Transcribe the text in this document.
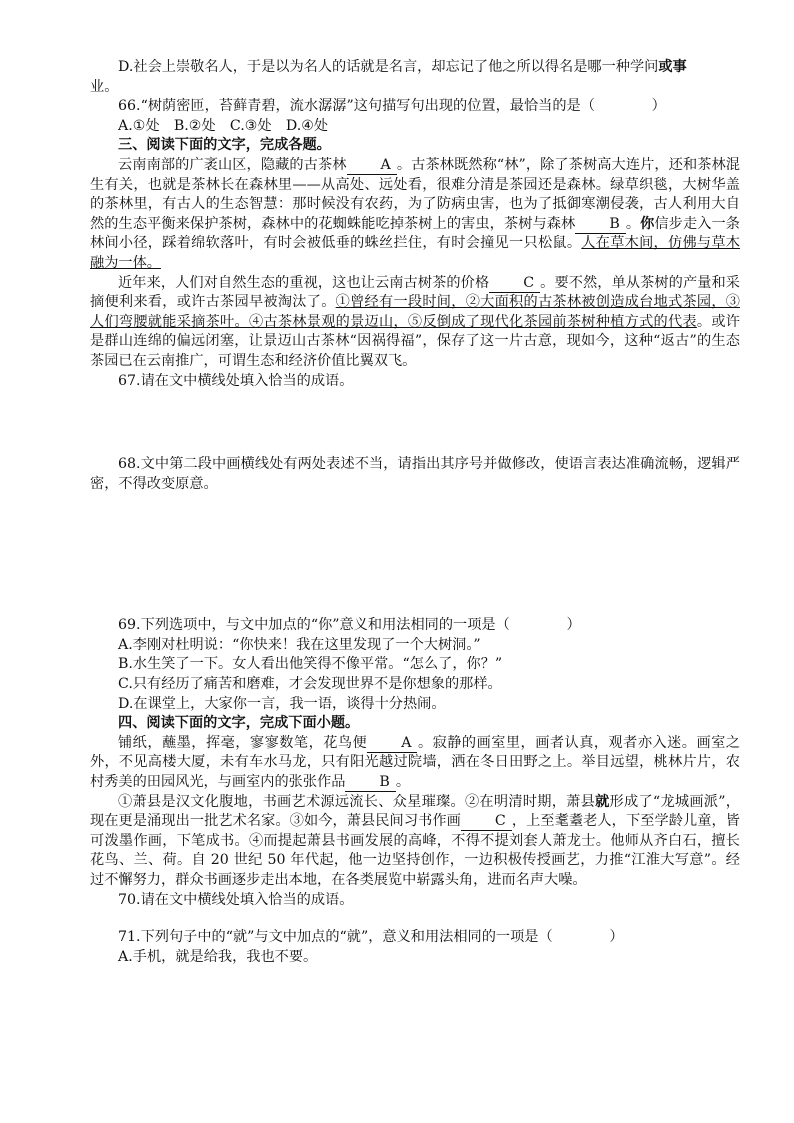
D.社会上崇敬名人，于是以为名人的话就是名言，却忘记了他之所以得名是哪一种学问或事

业。

66.“树荫密匝，苔藓青碧，流水潺潺”这句描写句出现的位置，最恰当的是（　　　　）

A.①处　B.②处　C.③处　D.④处

三、阅读下面的文字，完成各题。

云南南部的广袤山区，隐藏的古茶林 A 。古茶林既然称“林”，除了茶树高大连片，还和茶林混生有关，也就是茶林长在森林里——从高处、远处看，很难分清是茶园还是森林。绿草织毯，大树华盖的茶林里，有古人的生态智慧：那时候没有农药，为了防病虫害，也为了抵御寒潮侵袭，古人利用大自然的生态平衡来保护茶树，森林中的花蜘蛛能吃掉茶树上的害虫，茶树与森林 B 。你信步走入一条林间小径，踩着绵软落叶，有时会被低垂的蛛丝拦住，有时会撞见一只松鼠。人在草木间，仿佛与草木融为一体。

近年来，人们对自然生态的重视，这也让云南古树茶的价格 C 。要不然，单从茶树的产量和采摘便利来看，或许古茶园早被淘汰了。①曾经有一段时间，②大面积的古茶林被创造成台地式茶园，③人们弯腰就能采摘茶叶。④古茶林景观的景迈山，⑤反倒成了现代化茶园前茶树种植方式的代表。或许是群山连绵的偏远闭塞，让景迈山古茶林“因祸得福”，保存了这一片古意，现如今，这种“返古”的生态茶园已在云南推广，可谓生态和经济价值比翼双飞。

67.请在文中横线处填入恰当的成语。

68.文中第二段中画横线处有两处表述不当，请指出其序号并做修改，使语言表达准确流畅，逻辑严密，不得改变原意。

69.下列选项中，与文中加点的“你”意义和用法相同的一项是（　　　　）

A.李刚对杜明说：“你快来！我在这里发现了一个大树洞。”

B.水生笑了一下。女人看出他笑得不像平常。“怎么了，你？”

C.只有经历了痛苦和磨难，才会发现世界不是你想象的那样。

D.在课堂上，大家你一言，我一语，谈得十分热闹。

四、阅读下面的文字，完成下面小题。

铺纸，蘸墨，挥毫，寥寥数笔，花鸟便 A 。寂静的画室里，画者认真，观者亦入迷。画室之外，不见高楼大厦，未有车水马龙，只有阳光越过院墙，洒在冬日田野之上。举目远望，桃林片片，农村秀美的田园风光，与画室内的张张作品 B 。

①萧县是汉文化腹地，书画艺术源远流长、众星璀璨。②在明清时期，萧县就形成了“龙城画派”，现在更是涌现出一批艺术名家。③如今，萧县民间习书作画 C ，上至耄耋老人，下至学龄儿童，皆可泼墨作画，下笔成书。④而提起萧县书画发展的高峰，不得不提刘套人萧龙士。他师从齐白石，擅长花鸟、兰、荷。自 20 世纪 50 年代起，他一边坚持创作，一边积极传授画艺，力推“江淮大写意”。经过不懈努力，群众书画逐步走出本地，在各类展览中崭露头角，进而名声大噪。

70.请在文中横线处填入恰当的成语。

71.下列句子中的“就”与文中加点的“就”，意义和用法相同的一项是（　　　　）

A.手机，就是给我，我也不要。
